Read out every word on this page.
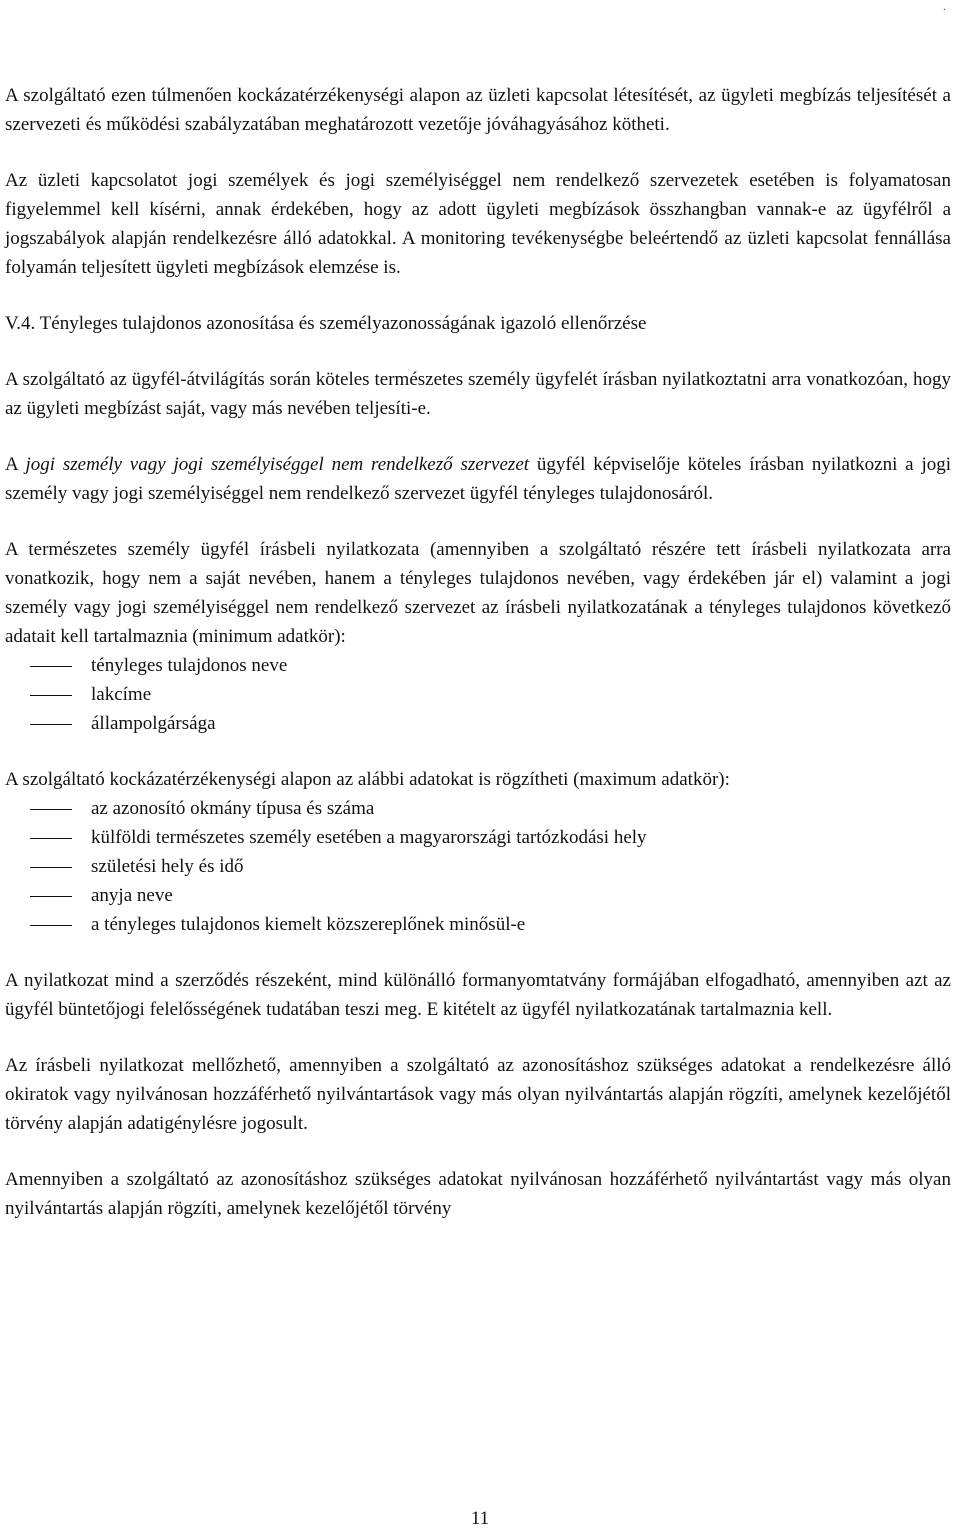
.

A szolgáltató ezen túlmenően kockázatérzékenységi alapon az üzleti kapcsolat létesítését, az ügyleti megbízás teljesítését a szervezeti és működési szabályzatában meghatározott vezetője jóváhagyásához kötheti.

Az üzleti kapcsolatot jogi személyek és jogi személyiséggel nem rendelkező szervezetek esetében is folyamatosan figyelemmel kell kísérni, annak érdekében, hogy az adott ügyleti megbízások összhangban vannak-e az ügyfélről a jogszabályok alapján rendelkezésre álló adatokkal. A monitoring tevékenységbe beleértendő az üzleti kapcsolat fennállása folyamán teljesített ügyleti megbízások elemzése is.

V.4. Tényleges tulajdonos azonosítása és személyazonosságának igazoló ellenőrzése

A szolgáltató az ügyfél-átvilágítás során köteles természetes személy ügyfelét írásban nyilatkoztatni arra vonatkozóan, hogy az ügyleti megbízást saját, vagy más nevében teljesíti-e.

A jogi személy vagy jogi személyiséggel nem rendelkező szervezet ügyfél képviselője köteles írásban nyilatkozni a jogi személy vagy jogi személyiséggel nem rendelkező szervezet ügyfél tényleges tulajdonosáról.

A természetes személy ügyfél írásbeli nyilatkozata (amennyiben a szolgáltató részére tett írásbeli nyilatkozata arra vonatkozik, hogy nem a saját nevében, hanem a tényleges tulajdonos nevében, vagy érdekében jár el) valamint a jogi személy vagy jogi személyiséggel nem rendelkező szervezet az írásbeli nyilatkozatának a tényleges tulajdonos következő adatait kell tartalmaznia (minimum adatkör):

tényleges tulajdonos neve
lakcíme
állampolgársága

A szolgáltató kockázatérzékenységi alapon az alábbi adatokat is rögzítheti (maximum adatkör):

az azonosító okmány típusa és száma
külföldi természetes személy esetében a magyarországi tartózkodási hely
születési hely és idő
anyja neve
a tényleges tulajdonos kiemelt közszereplőnek minősül-e

A nyilatkozat mind a szerződés részeként, mind különálló formanyomtatvány formájában elfogadható, amennyiben azt az ügyfél büntetőjogi felelősségének tudatában teszi meg. E kitételt az ügyfél nyilatkozatának tartalmaznia kell.

Az írásbeli nyilatkozat mellőzhető, amennyiben a szolgáltató az azonosításhoz szükséges adatokat a rendelkezésre álló okiratok vagy nyilvánosan hozzáférhető nyilvántartások vagy más olyan nyilvántartás alapján rögzíti, amelynek kezelőjétől törvény alapján adatigénylésre jogosult.

Amennyiben a szolgáltató az azonosításhoz szükséges adatokat nyilvánosan hozzáférhető nyilvántartást vagy más olyan nyilvántartás alapján rögzíti, amelynek kezelőjétől törvény

11
